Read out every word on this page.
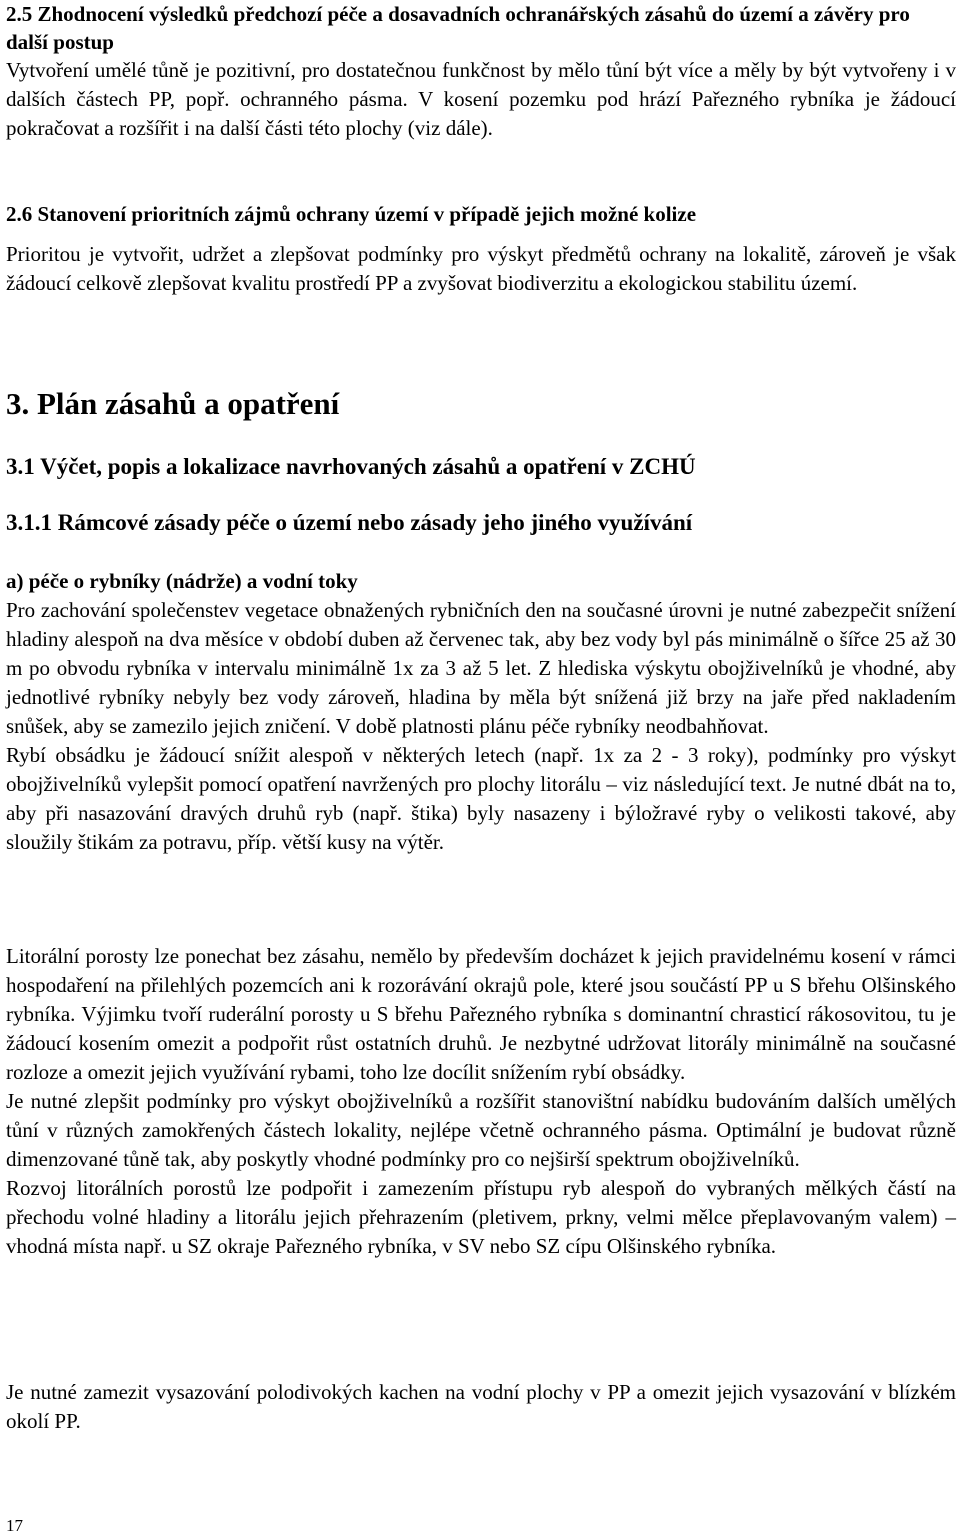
2.5 Zhodnocení výsledků předchozí péče a dosavadních ochranářských zásahů do území a závěry pro další postup

Vytvoření umělé tůně je pozitivní, pro dostatečnou funkčnost by mělo tůní být více a měly by být vytvořeny i v dalších částech PP, popř. ochranného pásma. V kosení pozemku pod hrází Pařezného rybníka je žádoucí pokračovat a rozšířit i na další části této plochy (viz dále).

2.6 Stanovení prioritních zájmů ochrany území v případě jejich možné kolize

Prioritou je vytvořit, udržet a zlepšovat podmínky pro výskyt předmětů ochrany na lokalitě, zároveň je však žádoucí celkově zlepšovat kvalitu prostředí PP a zvyšovat biodiverzitu a ekologickou stabilitu území.

3. Plán zásahů a opatření

3.1 Výčet, popis a lokalizace navrhovaných zásahů a opatření v ZCHÚ

3.1.1 Rámcové zásady péče o území nebo zásady jeho jiného využívání

a) péče o rybníky (nádrže) a vodní toky

Pro zachování společenstev vegetace obnažených rybničních den na současné úrovni je nutné zabezpečit snížení hladiny alespoň na dva měsíce v období duben až červenec tak, aby bez vody byl pás minimálně o šířce 25 až 30 m po obvodu rybníka v intervalu minimálně 1x za 3 až 5 let. Z hlediska výskytu obojživelníků je vhodné, aby jednotlivé rybníky nebyly bez vody zároveň, hladina by měla být snížená již brzy na jaře před nakladením snůšek, aby se zamezilo jejich zničení. V době platnosti plánu péče rybníky neodbahňovat.

Rybí obsádku je žádoucí snížit alespoň v některých letech (např. 1x za 2 - 3 roky), podmínky pro výskyt obojživelníků vylepšit pomocí opatření navržených pro plochy litorálu – viz následující text. Je nutné dbát na to, aby při nasazování dravých druhů ryb (např. štika) byly nasazeny i býložravé ryby o velikosti takové, aby sloužily štikám za potravu, příp. větší kusy na výtěr.

Litorální porosty lze ponechat bez zásahu, nemělo by především docházet k jejich pravidelnému kosení v rámci hospodaření na přilehlých pozemcích ani k rozorávání okrajů pole, které jsou součástí PP u S břehu Olšinského rybníka. Výjimku tvoří ruderální porosty u S břehu Pařezného rybníka s dominantní chrasticí rákosovitou, tu je žádoucí kosením omezit a podpořit růst ostatních druhů. Je nezbytné udržovat litorály minimálně na současné rozloze a omezit jejich využívání rybami, toho lze docílit snížením rybí obsádky.

Je nutné zlepšit podmínky pro výskyt obojživelníků a rozšířit stanovištní nabídku budováním dalších umělých tůní v různých zamokřených částech lokality, nejlépe včetně ochranného pásma. Optimální je budovat různě dimenzované tůně tak, aby poskytly vhodné podmínky pro co nejširší spektrum obojživelníků.

Rozvoj litorálních porostů lze podpořit i zamezením přístupu ryb alespoň do vybraných mělkých částí na přechodu volné hladiny a litorálu jejich přehrazením (pletivem, prkny, velmi mělce přeplavovaným valem) – vhodná místa např. u SZ okraje Pařezného rybníka, v SV nebo SZ cípu Olšinského rybníka.

Je nutné zamezit vysazování polodivokých kachen na vodní plochy v PP a omezit jejich vysazování v blízkém okolí PP.

17
